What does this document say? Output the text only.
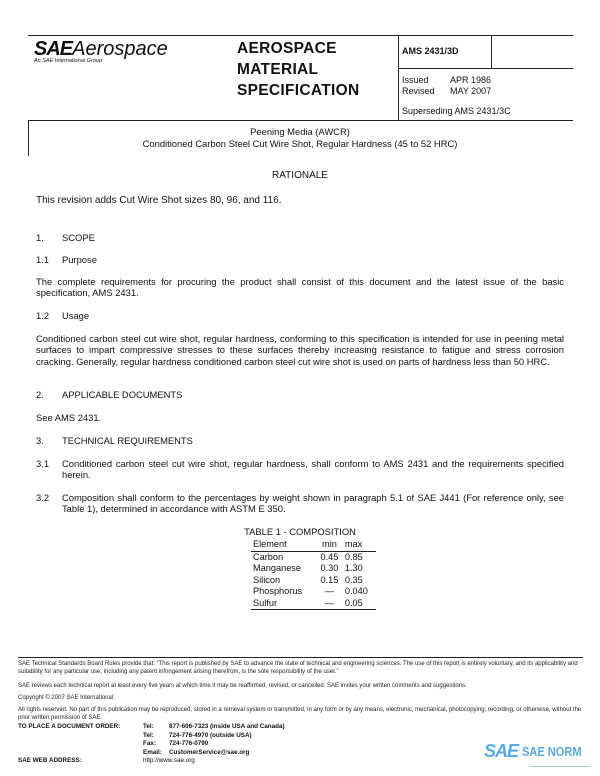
SAEAerospace
An SAE International Group
AEROSPACE
MATERIAL
SPECIFICATION
AMS 2431/3D
Issued APR 1986
Revised MAY 2007
Superseding AMS 2431/3C
Peening Media (AWCR)
Conditioned Carbon Steel Cut Wire Shot, Regular Hardness (45 to 52 HRC)
RATIONALE
This revision adds Cut Wire Shot sizes 80, 96, and 116.
1. SCOPE
1.1 Purpose
The complete requirements for procuring the product shall consist of this document and the latest issue of the basic specification, AMS 2431.
1.2 Usage
Conditioned carbon steel cut wire shot, regular hardness, conforming to this specification is intended for use in peening metal surfaces to impart compressive stresses to these surfaces thereby increasing resistance to fatigue and stress corrosion cracking. Generally, regular hardness conditioned carbon steel cut wire shot is used on parts of hardness less than 50 HRC.
2. APPLICABLE DOCUMENTS
See AMS 2431.
3. TECHNICAL REQUIREMENTS
3.1 Conditioned carbon steel cut wire shot, regular hardness, shall conform to AMS 2431 and the requirements specified herein.
3.2 Composition shall conform to the percentages by weight shown in paragraph 5.1 of SAE J441 (For reference only, see Table 1), determined in accordance with ASTM E 350.
TABLE 1 - COMPOSITION
Element	min	max
Carbon	0.45	0.85
Manganese	0.30	1.30
Silicon	0.15	0.35
Phosphorus	—	0.040
Sulfur	—	0.05
SAE Technical Standards Board Rules provide that: “This report is published by SAE to advance the state of technical and engineering sciences. The use of this report is entirely voluntary, and its applicability and suitability for any particular use, including any patent infringement arising therefrom, is the sole responsibility of the user.”
SAE reviews each technical report at least every five years at which time it may be reaffirmed, revised, or cancelled. SAE invites your written comments and suggestions.
Copyright © 2007 SAE International
All rights reserved. No part of this publication may be reproduced, stored in a retrieval system or transmitted, in any form or by any means, electronic, mechanical, photocopying, recording, or otherwise, without the prior written permission of SAE.
TO PLACE A DOCUMENT ORDER:	Tel: 877-606-7323 (inside USA and Canada)
Tel: 724-776-4970 (outside USA)
Fax: 724-776-0790
Email: CustomerService@sae.org
http://www.sae.org
SAE WEB ADDRESS:	SAE SAE NORM
